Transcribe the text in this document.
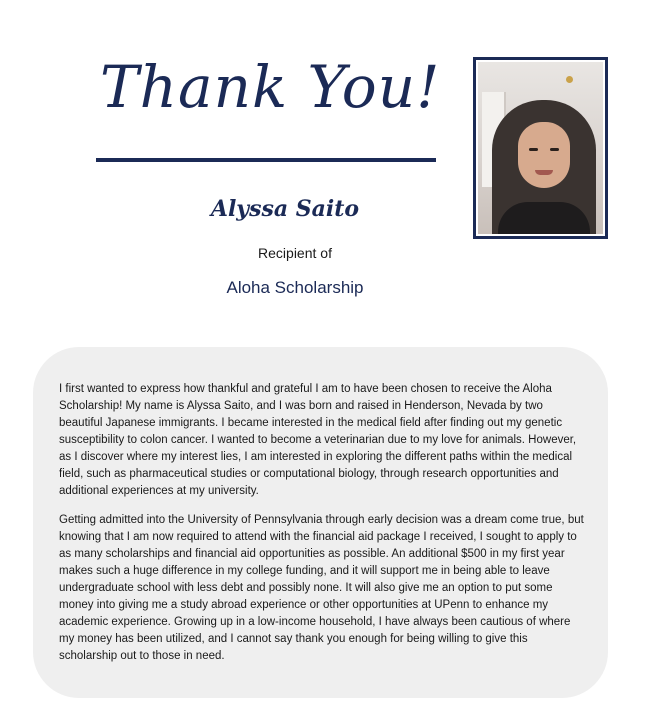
Thank You!
Alyssa Saito
Recipient of
Aloha Scholarship

I first wanted to express how thankful and grateful I am to have been chosen to receive the Aloha Scholarship! My name is Alyssa Saito, and I was born and raised in Henderson, Nevada by two beautiful Japanese immigrants. I became interested in the medical field after finding out my genetic susceptibility to colon cancer. I wanted to become a veterinarian due to my love for animals. However, as I discover where my interest lies, I am interested in exploring the different paths within the medical field, such as pharmaceutical studies or computational biology, through research opportunities and additional experiences at my university.

Getting admitted into the University of Pennsylvania through early decision was a dream come true, but knowing that I am now required to attend with the financial aid package I received, I sought to apply to as many scholarships and financial aid opportunities as possible. An additional $500 in my first year makes such a huge difference in my college funding, and it will support me in being able to leave undergraduate school with less debt and possibly none. It will also give me an option to put some money into giving me a study abroad experience or other opportunities at UPenn to enhance my academic experience. Growing up in a low-income household, I have always been cautious of where my money has been utilized, and I cannot say thank you enough for being willing to give this scholarship out to those in need.
